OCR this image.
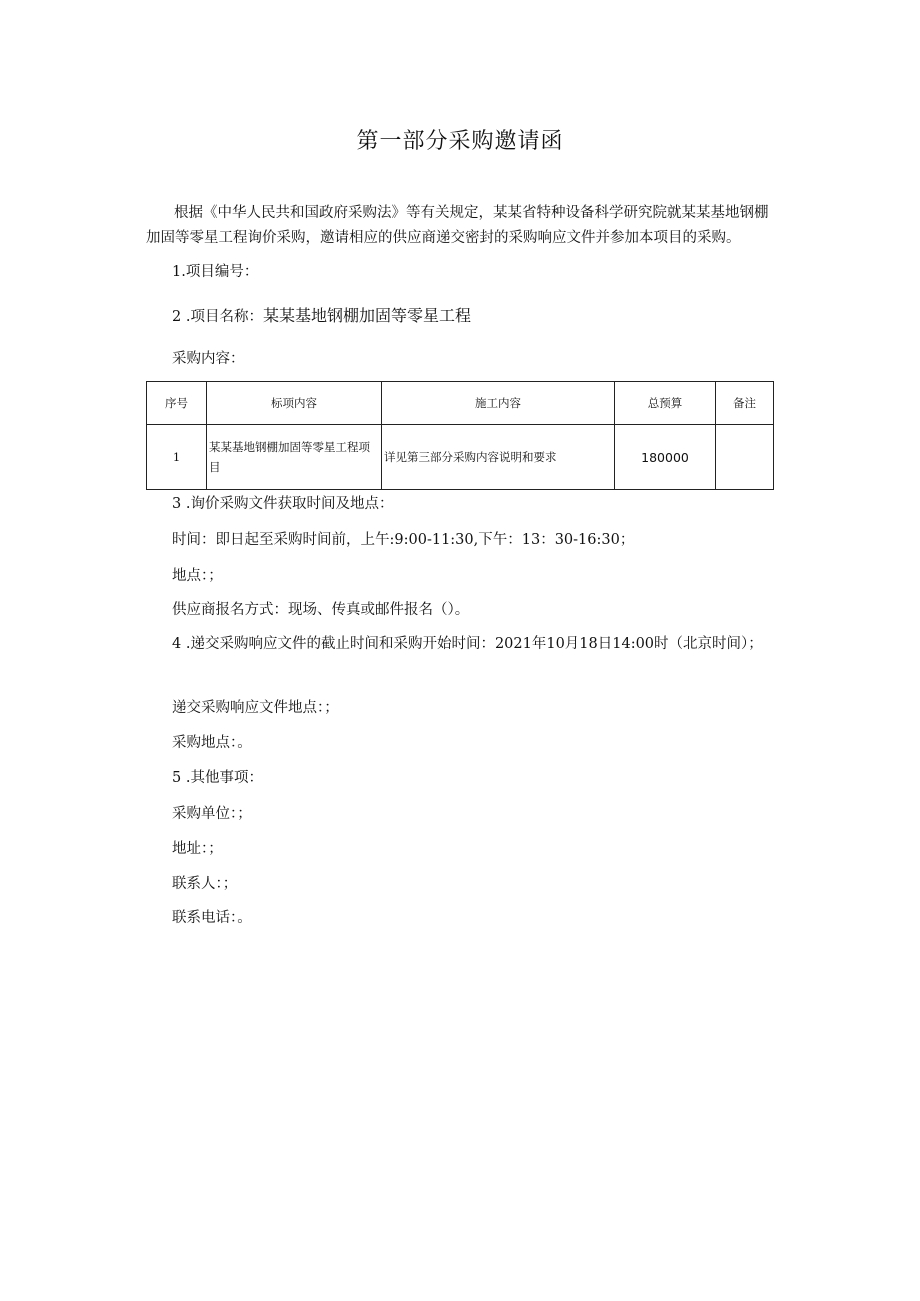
第一部分采购邀请函
根据《中华人民共和国政府采购法》等有关规定，某某省特种设备科学研究院就某某基地钢棚加固等零星工程询价采购，邀请相应的供应商递交密封的采购响应文件并参加本项目的采购。
1.项目编号：
2 .项目名称：某某基地钢棚加固等零星工程
采购内容：
序号	标项内容	施工内容	总预算	备注
1	某某基地钢棚加固等零星工程项目	详见第三部分采购内容说明和要求	180000	
3 .询价采购文件获取时间及地点：
时间：即日起至采购时间前，上午:9:00-11:30,下午：13：30-16:30；
地点：；
供应商报名方式：现场、传真或邮件报名（）。
4 .递交采购响应文件的截止时间和采购开始时间：2021年10月18日14:00时（北京时间）；
递交采购响应文件地点：；
采购地点：。
5 .其他事项：
采购单位：；
地址：；
联系人：；
联系电话：。
